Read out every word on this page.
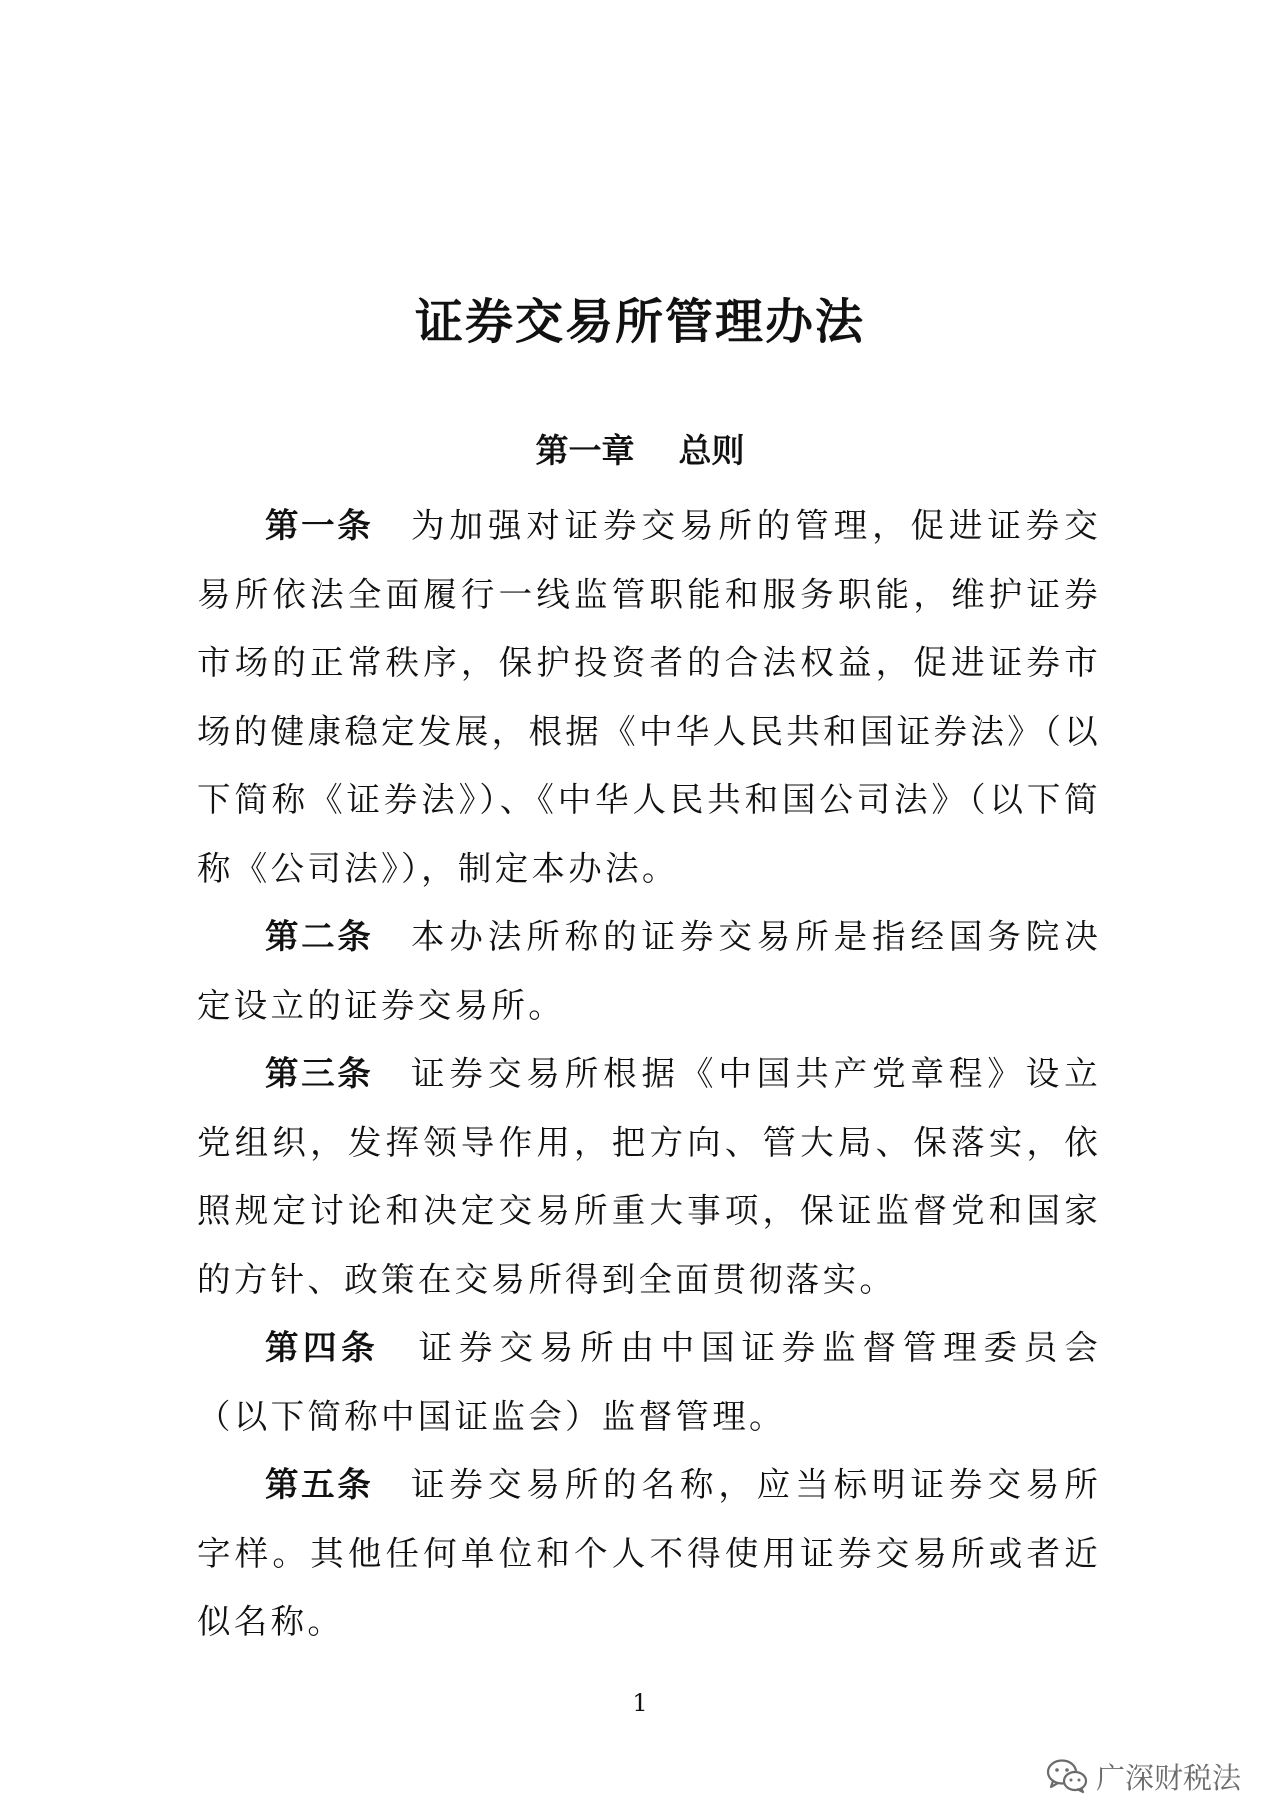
证券交易所管理办法
第一章 总则

第一条 为加强对证券交易所的管理，促进证券交易所依法全面履行一线监管职能和服务职能，维护证券市场的正常秩序，保护投资者的合法权益，促进证券市场的健康稳定发展，根据《中华人民共和国证券法》（以下简称《证券法》）、《中华人民共和国公司法》（以下简称《公司法》），制定本办法。

第二条 本办法所称的证券交易所是指经国务院决定设立的证券交易所。

第三条 证券交易所根据《中国共产党章程》设立党组织，发挥领导作用，把方向、管大局、保落实，依照规定讨论和决定交易所重大事项，保证监督党和国家的方针、政策在交易所得到全面贯彻落实。

第四条 证券交易所由中国证券监督管理委员会（以下简称中国证监会）监督管理。

第五条 证券交易所的名称，应当标明证券交易所字样。其他任何单位和个人不得使用证券交易所或者近似名称。

1
广深财税法
